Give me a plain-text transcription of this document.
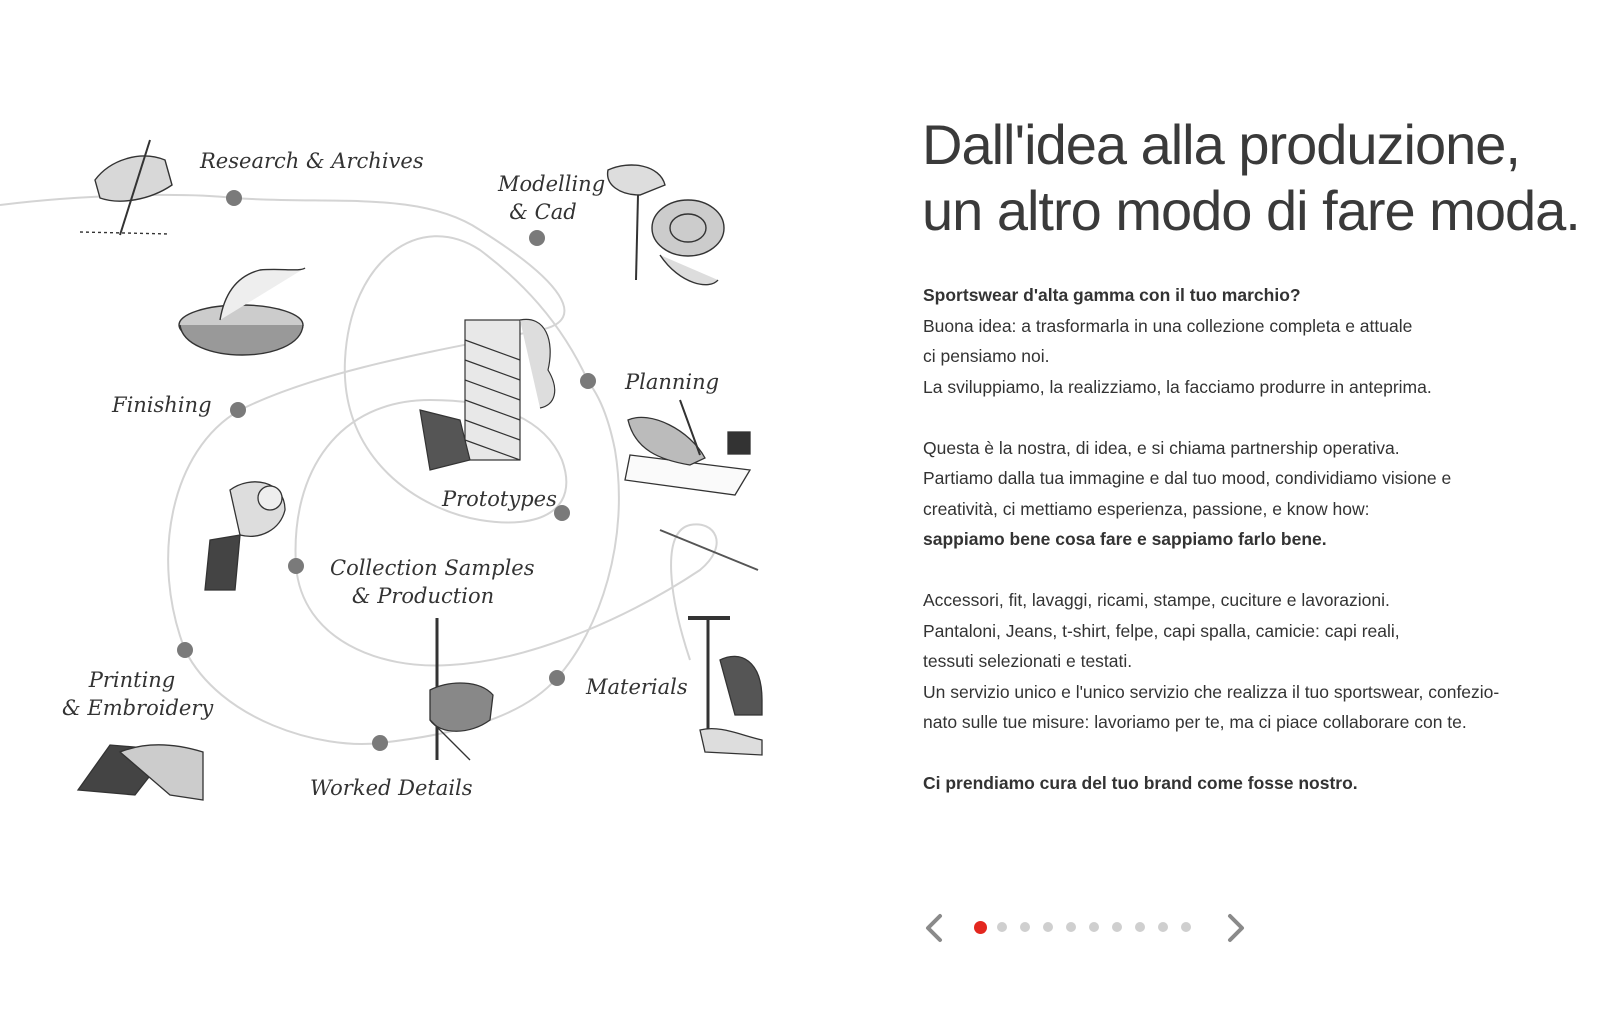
Research & Archives
Modelling
& Cad
Planning
Prototypes
Finishing
Collection Samples
& Production
Materials
Printing
& Embroidery
Worked Details
Dall'idea alla produzione,
un altro modo di fare moda.

Sportswear d'alta gamma con il tuo marchio?

Buona idea: a trasformarla in una collezione completa e attuale

ci pensiamo noi.

La sviluppiamo, la realizziamo, la facciamo produrre in anteprima.

Questa è la nostra, di idea, e si chiama partnership operativa.

Partiamo dalla tua immagine e dal tuo mood, condividiamo visione e

creatività, ci mettiamo esperienza, passione, e know how:

sappiamo bene cosa fare e sappiamo farlo bene.

Accessori, fit, lavaggi, ricami, stampe, cuciture e lavorazioni.

Pantaloni, Jeans, t-shirt, felpe, capi spalla, camicie: capi reali,

tessuti selezionati e testati.

Un servizio unico e l'unico servizio che realizza il tuo sportswear, confezio-

nato sulle tue misure: lavoriamo per te, ma ci piace collaborare con te.

Ci prendiamo cura del tuo brand come fosse nostro.
